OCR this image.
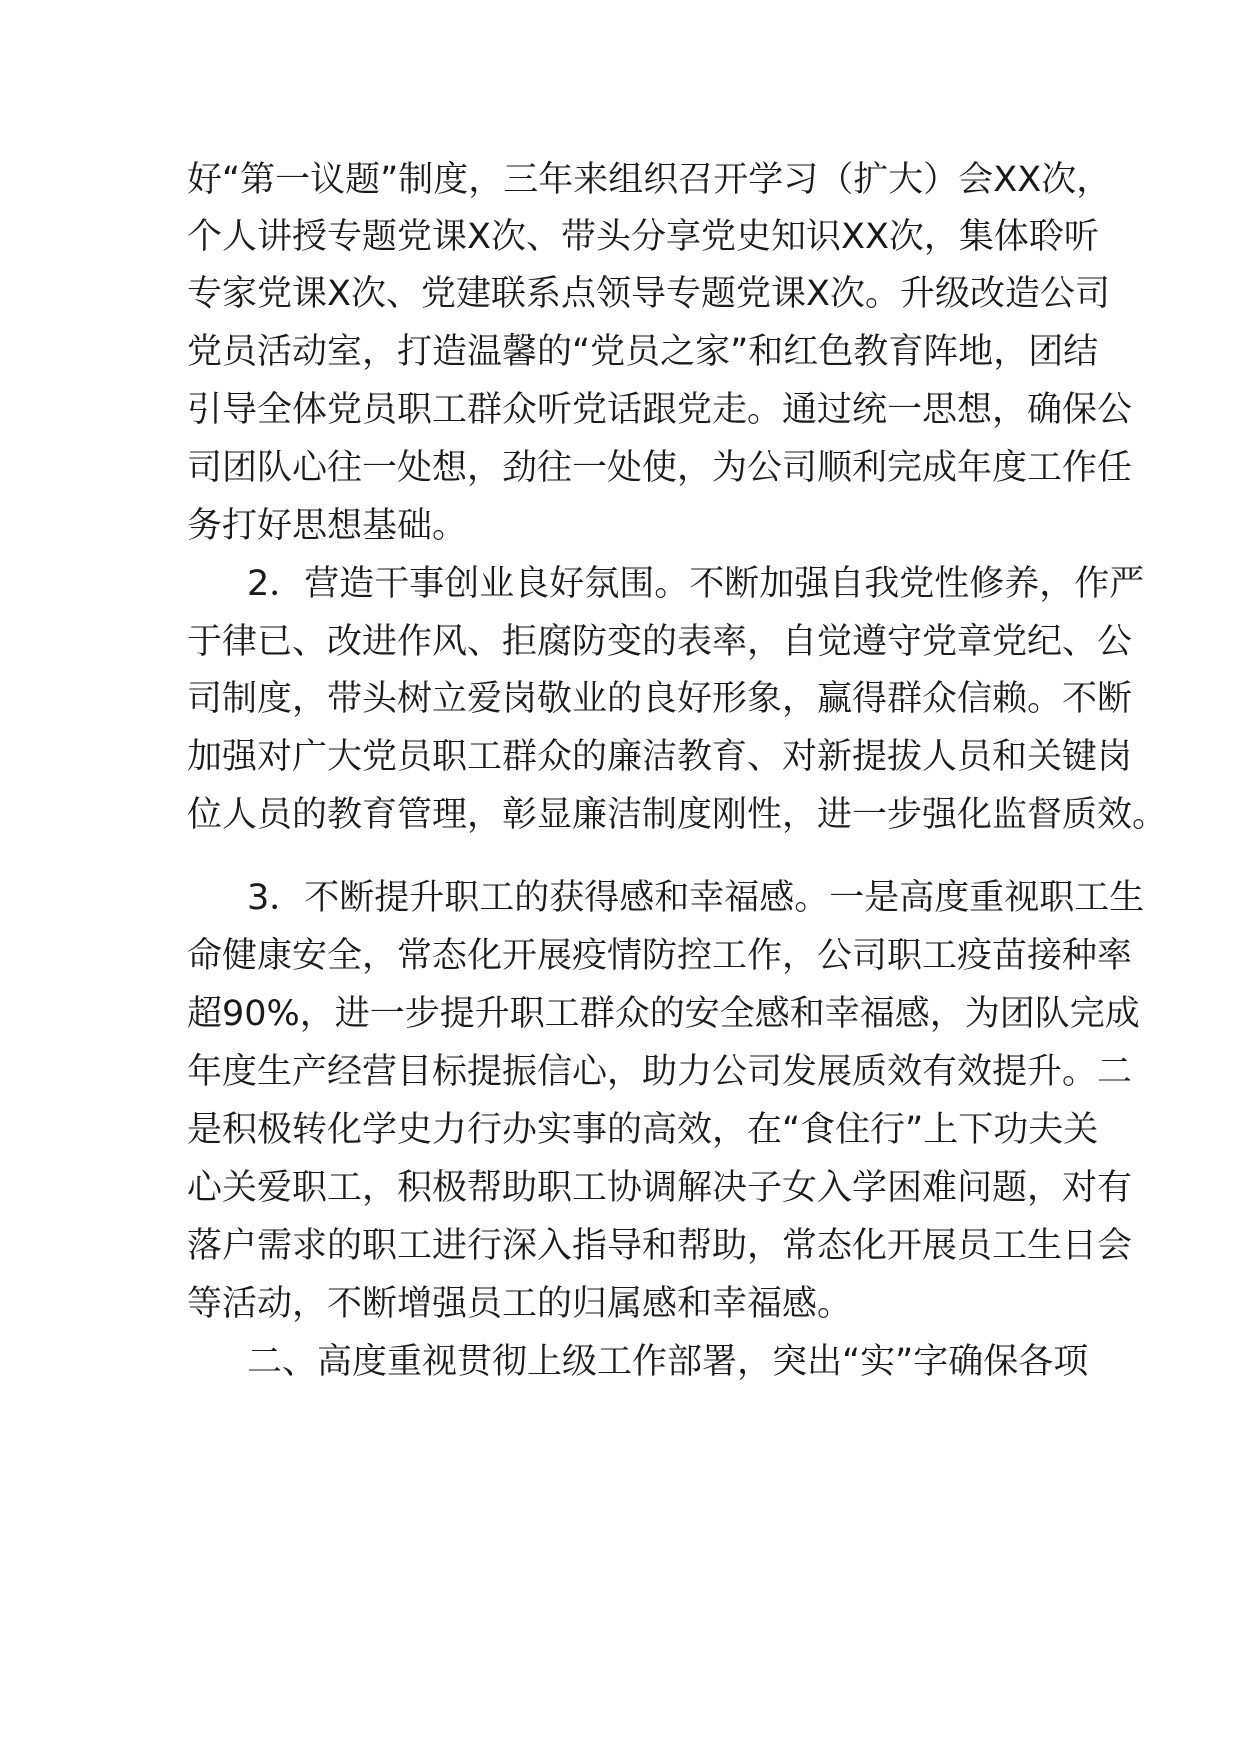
好“第一议题”制度，三年来组织召开学习（扩大）会XX次，
个人讲授专题党课X次、带头分享党史知识XX次，集体聆听
专家党课X次、党建联系点领导专题党课X次。升级改造公司
党员活动室，打造温馨的“党员之家”和红色教育阵地，团结
引导全体党员职工群众听党话跟党走。通过统一思想，确保公
司团队心往一处想，劲往一处使，为公司顺利完成年度工作任
务打好思想基础。
2．营造干事创业良好氛围。不断加强自我党性修养，作严
于律已、改进作风、拒腐防变的表率，自觉遵守党章党纪、公
司制度，带头树立爱岗敬业的良好形象，赢得群众信赖。不断
加强对广大党员职工群众的廉洁教育、对新提拔人员和关键岗
位人员的教育管理，彰显廉洁制度刚性，进一步强化监督质效。
3．不断提升职工的获得感和幸福感。一是高度重视职工生
命健康安全，常态化开展疫情防控工作，公司职工疫苗接种率
超90%，进一步提升职工群众的安全感和幸福感，为团队完成
年度生产经营目标提振信心，助力公司发展质效有效提升。二
是积极转化学史力行办实事的高效，在“食住行”上下功夫关
心关爱职工，积极帮助职工协调解决子女入学困难问题，对有
落户需求的职工进行深入指导和帮助，常态化开展员工生日会
等活动，不断增强员工的归属感和幸福感。
二、高度重视贯彻上级工作部署，突出“实”字确保各项
